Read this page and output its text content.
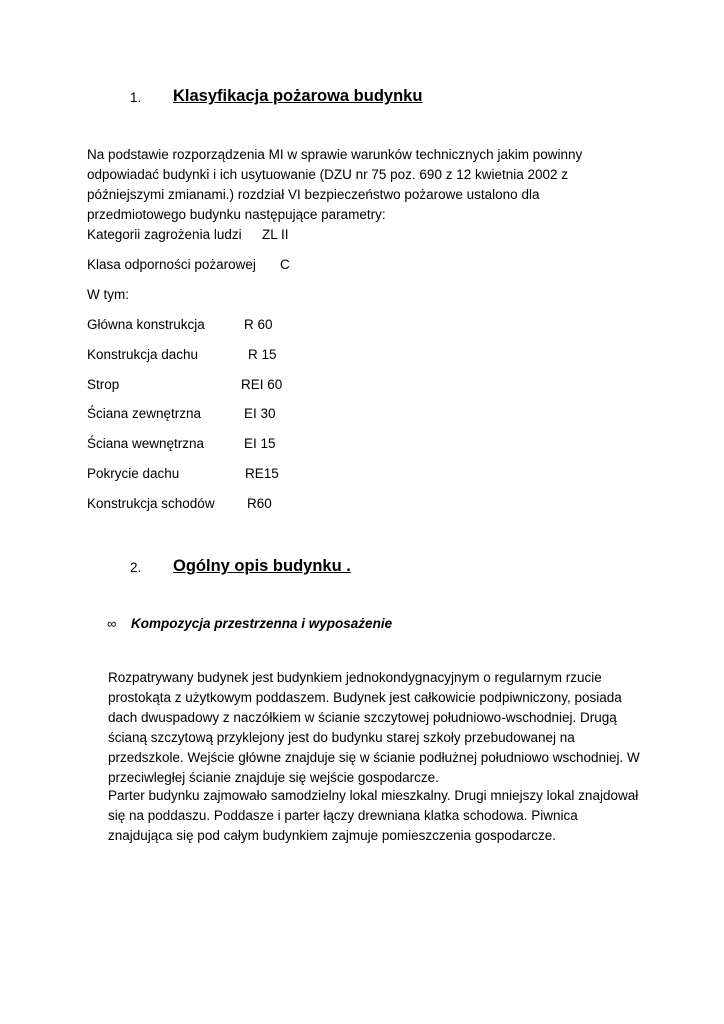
1. Klasyfikacja pożarowa budynku
Na podstawie rozporządzenia MI w sprawie warunków technicznych jakim powinny
odpowiadać budynki i ich usytuowanie (DZU nr 75 poz. 690 z 12 kwietnia 2002 z
późniejszymi zmianami.) rozdział VI bezpieczeństwo pożarowe ustalono dla
przedmiotowego budynku następujące parametry:
Kategorii zagrożenia ludzi ZL II
Klasa odporności pożarowej C
W tym:
Główna konstrukcja	R 60
Konstrukcja dachu	R 15
Strop	REI 60
Ściana zewnętrzna	EI 30
Ściana wewnętrzna	EI 15
Pokrycie dachu	RE15
Konstrukcja schodów R60
2. Ogólny opis budynku .
∞ Kompozycja przestrzenna i wyposażenie
Rozpatrywany budynek jest budynkiem jednokondygnacyjnym o regularnym rzucie
prostokąta z użytkowym poddaszem. Budynek jest całkowicie podpiwniczony, posiada
dach dwuspadowy z naczółkiem w ścianie szczytowej południowo-wschodniej. Drugą
ścianą szczytową przyklejony jest do budynku starej szkoły przebudowanej na
przedszkole. Wejście główne znajduje się w ścianie podłużnej południowo wschodniej. W
przeciwległej ścianie znajduje się wejście gospodarcze.
Parter budynku zajmowało samodzielny lokal mieszkalny. Drugi mniejszy lokal znajdował
się na poddaszu. Poddasze i parter łączy drewniana klatka schodowa. Piwnica
znajdująca się pod całym budynkiem zajmuje pomieszczenia gospodarcze.
